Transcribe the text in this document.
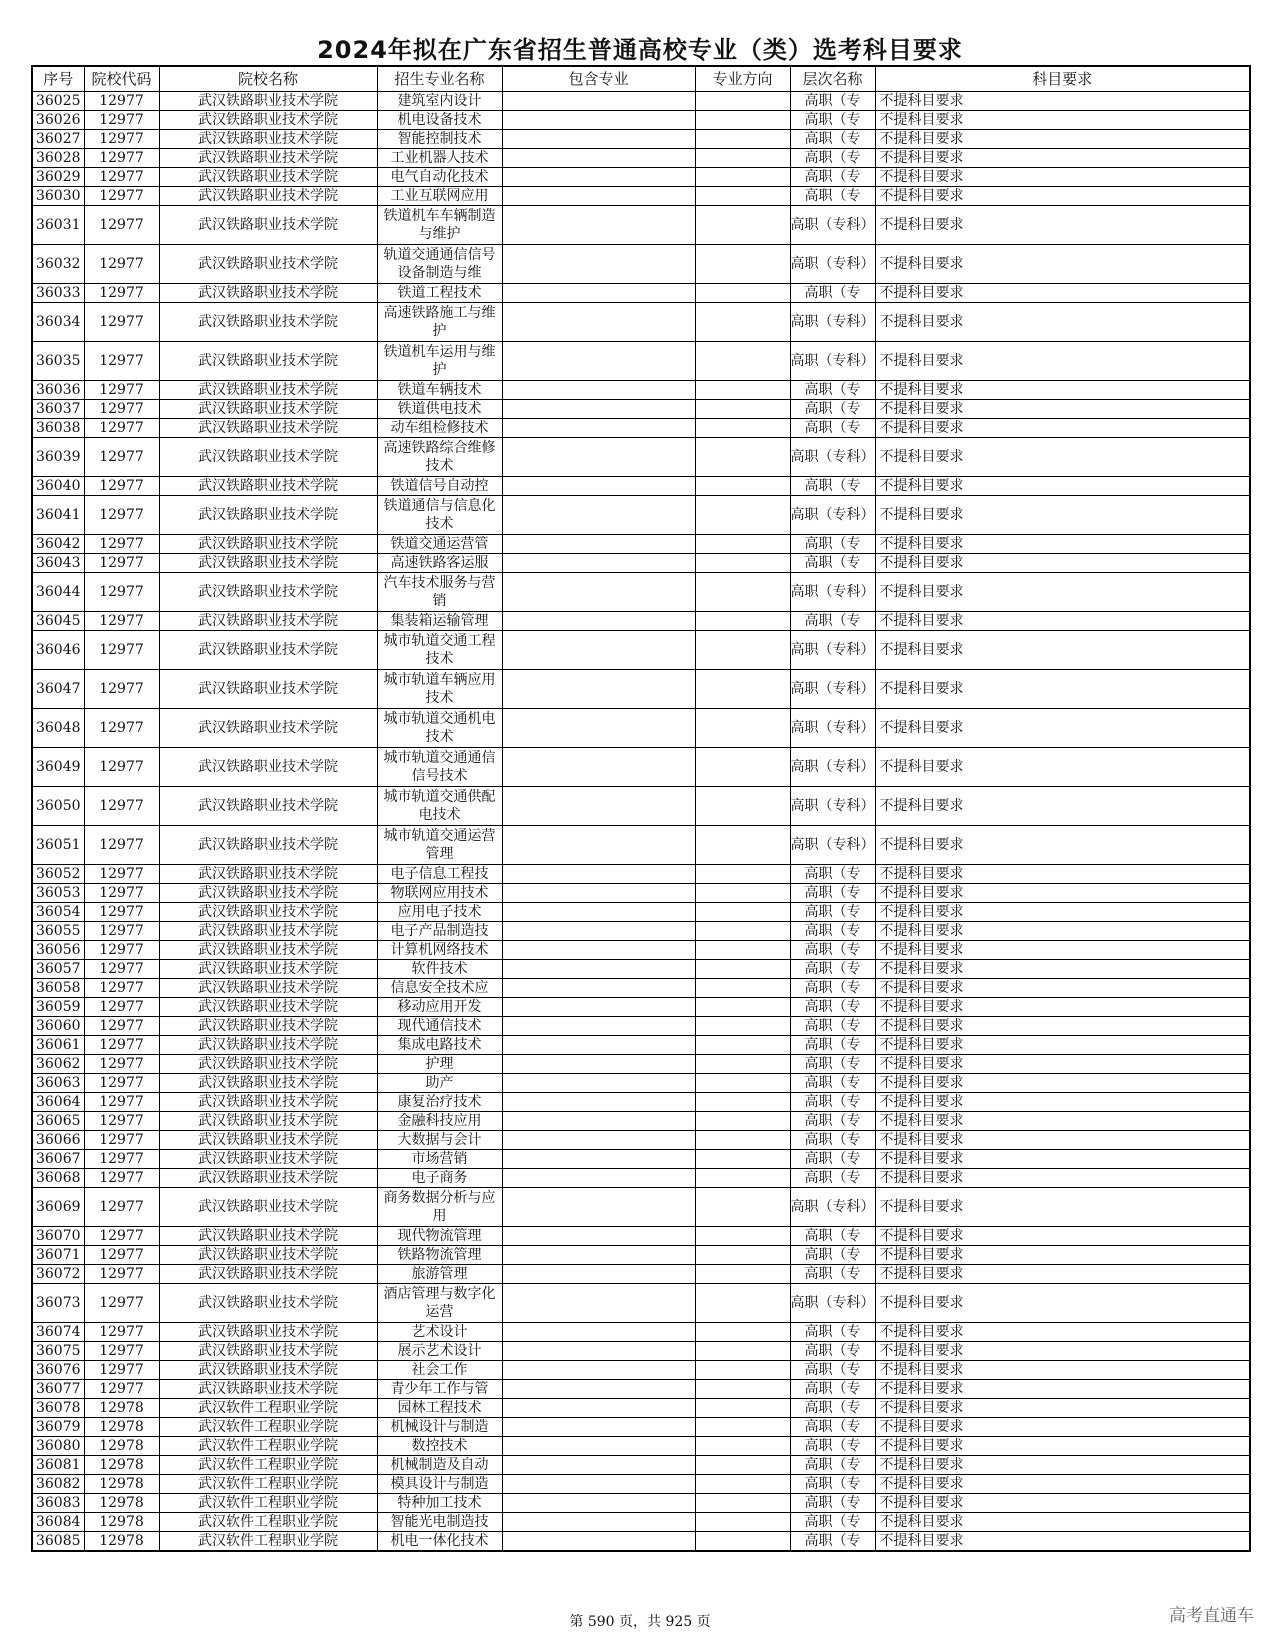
2024年拟在广东省招生普通高校专业（类）选考科目要求
序号	院校代码	院校名称	招生专业名称	包含专业	专业方向	层次名称	科目要求
36025	12977	武汉铁路职业技术学院	建筑室内设计			高职（专	不提科目要求
36026	12977	武汉铁路职业技术学院	机电设备技术			高职（专	不提科目要求
36027	12977	武汉铁路职业技术学院	智能控制技术			高职（专	不提科目要求
36028	12977	武汉铁路职业技术学院	工业机器人技术			高职（专	不提科目要求
36029	12977	武汉铁路职业技术学院	电气自动化技术			高职（专	不提科目要求
36030	12977	武汉铁路职业技术学院	工业互联网应用			高职（专	不提科目要求
36031	12977	武汉铁路职业技术学院	铁道机车车辆制造与维护			高职（专科）	不提科目要求
36032	12977	武汉铁路职业技术学院	轨道交通通信信号设备制造与维			高职（专科）	不提科目要求
36033	12977	武汉铁路职业技术学院	铁道工程技术			高职（专	不提科目要求
36034	12977	武汉铁路职业技术学院	高速铁路施工与维护			高职（专科）	不提科目要求
36035	12977	武汉铁路职业技术学院	铁道机车运用与维护			高职（专科）	不提科目要求
36036	12977	武汉铁路职业技术学院	铁道车辆技术			高职（专	不提科目要求
36037	12977	武汉铁路职业技术学院	铁道供电技术			高职（专	不提科目要求
36038	12977	武汉铁路职业技术学院	动车组检修技术			高职（专	不提科目要求
36039	12977	武汉铁路职业技术学院	高速铁路综合维修技术			高职（专科）	不提科目要求
36040	12977	武汉铁路职业技术学院	铁道信号自动控			高职（专	不提科目要求
36041	12977	武汉铁路职业技术学院	铁道通信与信息化技术			高职（专科）	不提科目要求
36042	12977	武汉铁路职业技术学院	铁道交通运营管			高职（专	不提科目要求
36043	12977	武汉铁路职业技术学院	高速铁路客运服			高职（专	不提科目要求
36044	12977	武汉铁路职业技术学院	汽车技术服务与营销			高职（专科）	不提科目要求
36045	12977	武汉铁路职业技术学院	集装箱运输管理			高职（专	不提科目要求
36046	12977	武汉铁路职业技术学院	城市轨道交通工程技术			高职（专科）	不提科目要求
36047	12977	武汉铁路职业技术学院	城市轨道车辆应用技术			高职（专科）	不提科目要求
36048	12977	武汉铁路职业技术学院	城市轨道交通机电技术			高职（专科）	不提科目要求
36049	12977	武汉铁路职业技术学院	城市轨道交通通信信号技术			高职（专科）	不提科目要求
36050	12977	武汉铁路职业技术学院	城市轨道交通供配电技术			高职（专科）	不提科目要求
36051	12977	武汉铁路职业技术学院	城市轨道交通运营管理			高职（专科）	不提科目要求
36052	12977	武汉铁路职业技术学院	电子信息工程技			高职（专	不提科目要求
36053	12977	武汉铁路职业技术学院	物联网应用技术			高职（专	不提科目要求
36054	12977	武汉铁路职业技术学院	应用电子技术			高职（专	不提科目要求
36055	12977	武汉铁路职业技术学院	电子产品制造技			高职（专	不提科目要求
36056	12977	武汉铁路职业技术学院	计算机网络技术			高职（专	不提科目要求
36057	12977	武汉铁路职业技术学院	软件技术			高职（专	不提科目要求
36058	12977	武汉铁路职业技术学院	信息安全技术应			高职（专	不提科目要求
36059	12977	武汉铁路职业技术学院	移动应用开发			高职（专	不提科目要求
36060	12977	武汉铁路职业技术学院	现代通信技术			高职（专	不提科目要求
36061	12977	武汉铁路职业技术学院	集成电路技术			高职（专	不提科目要求
36062	12977	武汉铁路职业技术学院	护理			高职（专	不提科目要求
36063	12977	武汉铁路职业技术学院	助产			高职（专	不提科目要求
36064	12977	武汉铁路职业技术学院	康复治疗技术			高职（专	不提科目要求
36065	12977	武汉铁路职业技术学院	金融科技应用			高职（专	不提科目要求
36066	12977	武汉铁路职业技术学院	大数据与会计			高职（专	不提科目要求
36067	12977	武汉铁路职业技术学院	市场营销			高职（专	不提科目要求
36068	12977	武汉铁路职业技术学院	电子商务			高职（专	不提科目要求
36069	12977	武汉铁路职业技术学院	商务数据分析与应用			高职（专科）	不提科目要求
36070	12977	武汉铁路职业技术学院	现代物流管理			高职（专	不提科目要求
36071	12977	武汉铁路职业技术学院	铁路物流管理			高职（专	不提科目要求
36072	12977	武汉铁路职业技术学院	旅游管理			高职（专	不提科目要求
36073	12977	武汉铁路职业技术学院	酒店管理与数字化运营			高职（专科）	不提科目要求
36074	12977	武汉铁路职业技术学院	艺术设计			高职（专	不提科目要求
36075	12977	武汉铁路职业技术学院	展示艺术设计			高职（专	不提科目要求
36076	12977	武汉铁路职业技术学院	社会工作			高职（专	不提科目要求
36077	12977	武汉铁路职业技术学院	青少年工作与管			高职（专	不提科目要求
36078	12978	武汉软件工程职业学院	园林工程技术			高职（专	不提科目要求
36079	12978	武汉软件工程职业学院	机械设计与制造			高职（专	不提科目要求
36080	12978	武汉软件工程职业学院	数控技术			高职（专	不提科目要求
36081	12978	武汉软件工程职业学院	机械制造及自动			高职（专	不提科目要求
36082	12978	武汉软件工程职业学院	模具设计与制造			高职（专	不提科目要求
36083	12978	武汉软件工程职业学院	特种加工技术			高职（专	不提科目要求
36084	12978	武汉软件工程职业学院	智能光电制造技			高职（专	不提科目要求
36085	12978	武汉软件工程职业学院	机电一体化技术			高职（专	不提科目要求
第 590 页，共 925 页	高考直通车
